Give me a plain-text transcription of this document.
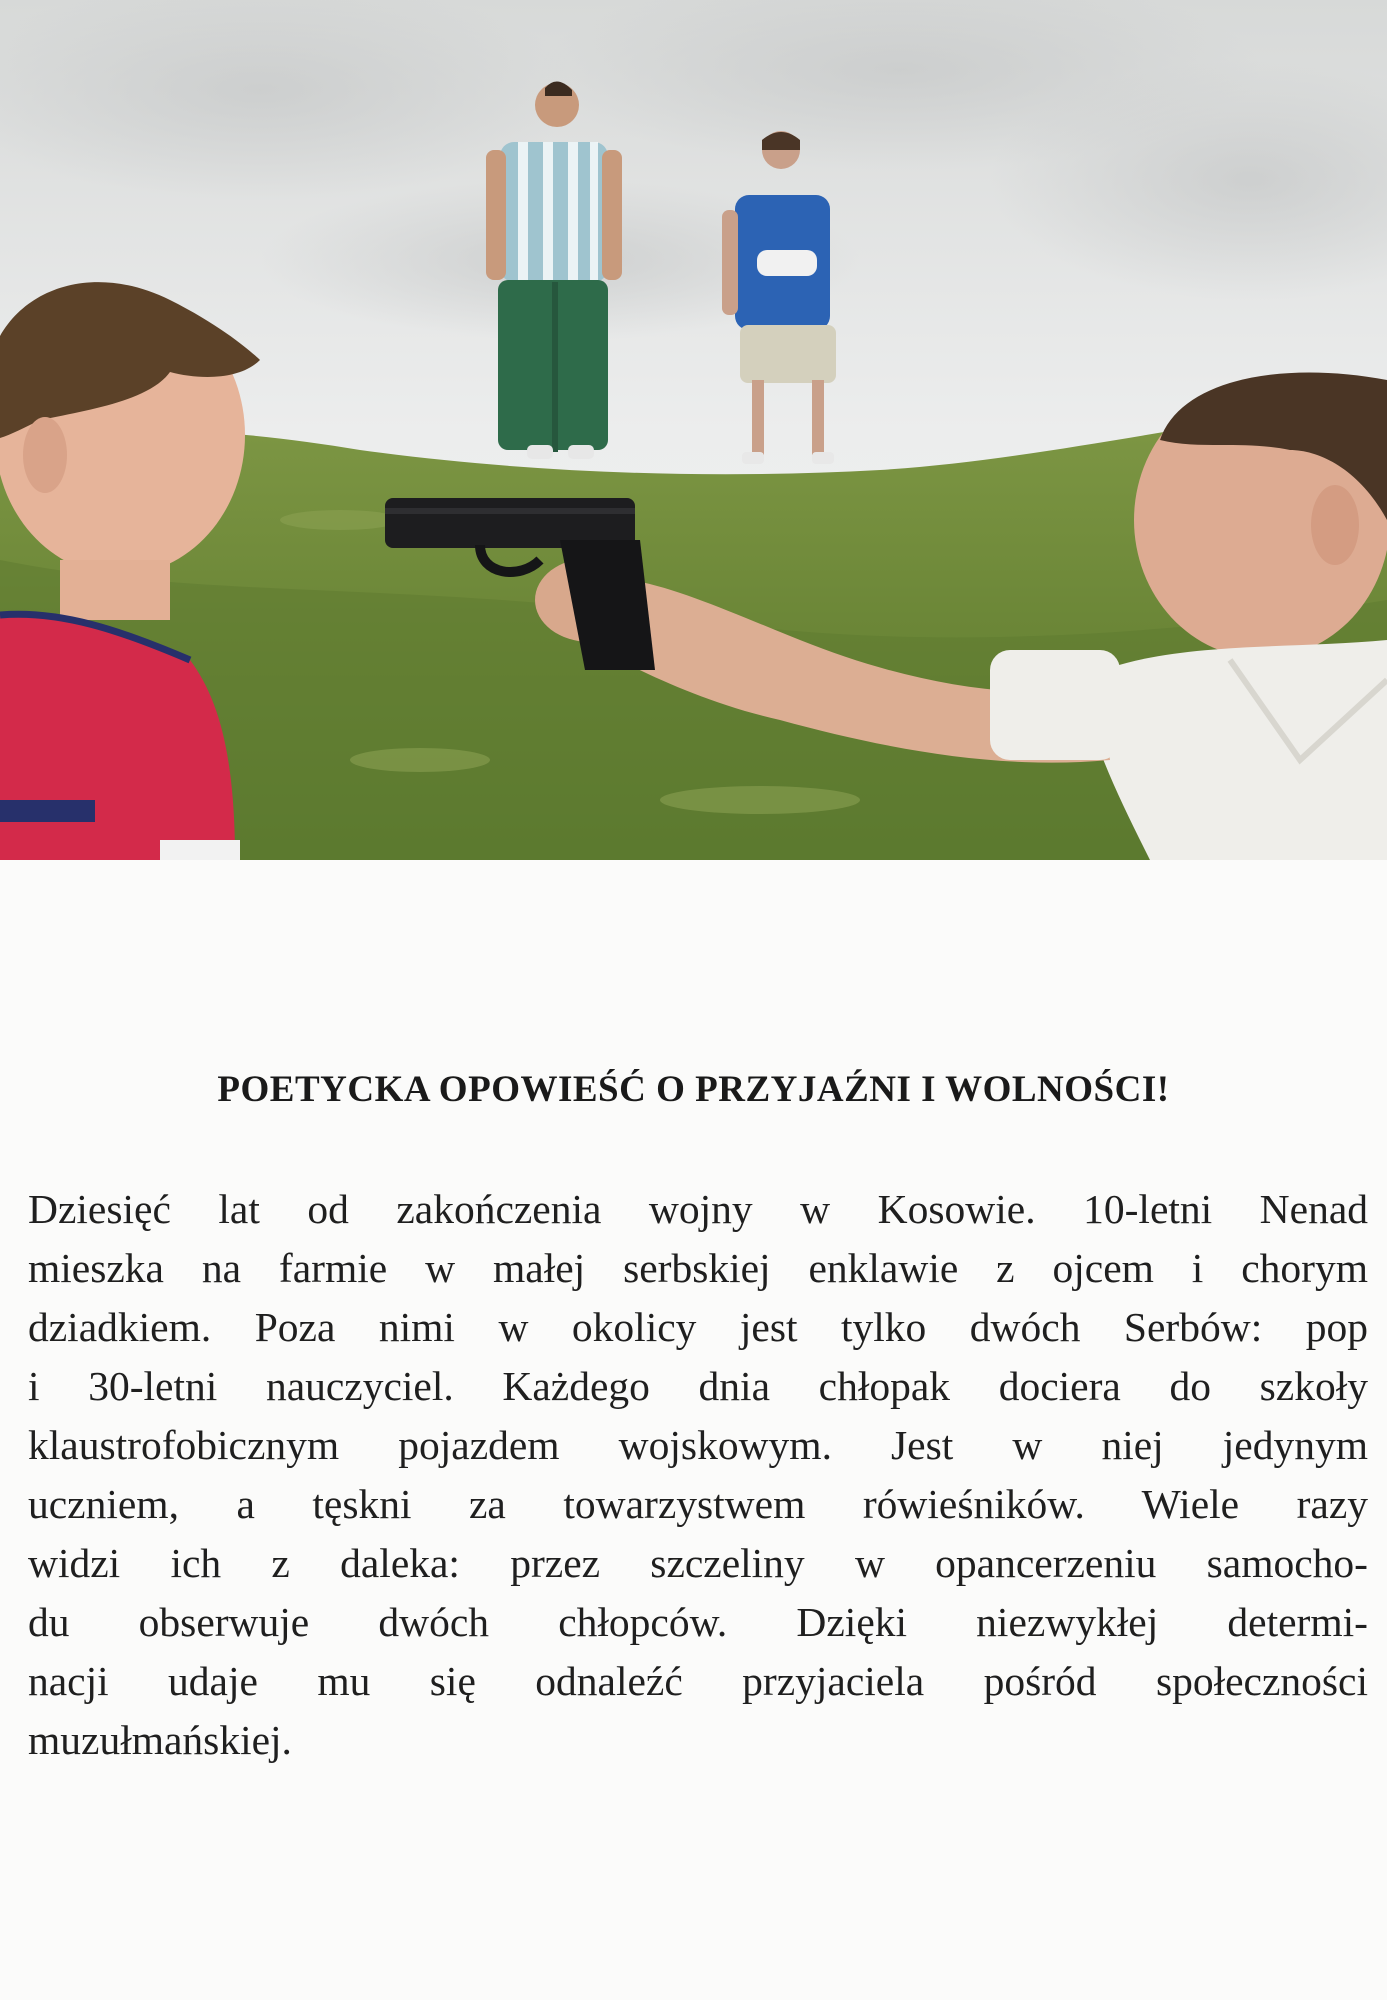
POETYCKA OPOWIEŚĆ O PRZYJAŹNI I WOLNOŚCI!
Dziesięć lat od zakończenia wojny w Kosowie. 10-letni Nenad
mieszka na farmie w małej serbskiej enklawie z ojcem i chorym
dziadkiem. Poza nimi w okolicy jest tylko dwóch Serbów: pop
i 30-letni nauczyciel. Każdego dnia chłopak dociera do szkoły
klaustrofobicznym pojazdem wojskowym. Jest w niej jedynym
uczniem, a tęskni za towarzystwem rówieśników. Wiele razy
widzi ich z daleka: przez szczeliny w opancerzeniu samocho-
du obserwuje dwóch chłopców. Dzięki niezwykłej determi-
nacji udaje mu się odnaleźć przyjaciela pośród społeczności
muzułmańskiej.
